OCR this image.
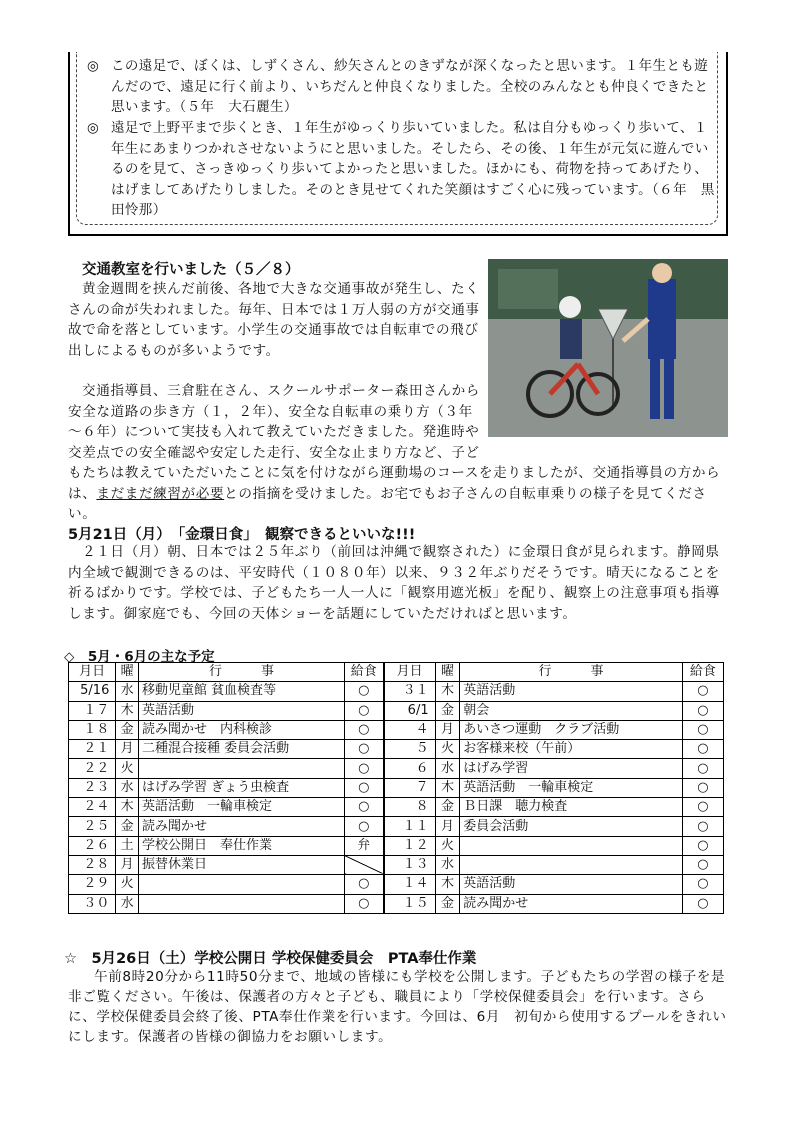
◎ この遠足で、ぼくは、しずくさん、紗矢さんとのきずなが深くなったと思います。１年生とも遊んだので、遠足に行く前より、いちだんと仲良くなりました。全校のみんなとも仲良くできたと思います。（５年　大石麗生）
◎ 遠足で上野平まで歩くとき、１年生がゆっくり歩いていました。私は自分もゆっくり歩いて、１年生にあまりつかれさせないようにと思いました。そしたら、その後、１年生が元気に遊んでいるのを見て、さっきゆっくり歩いてよかったと思いました。ほかにも、荷物を持ってあげたり、はげましてあげたりしました。そのとき見せてくれた笑顔はすごく心に残っています。（６年　黒田怜那）
交通教室を行いました（５／８）
黄金週間を挟んだ前後、各地で大きな交通事故が発生し、たくさんの命が失われました。毎年、日本では１万人弱の方が交通事故で命を落としています。小学生の交通事故では自転車での飛び出しによるものが多いようです。
交通指導員、三倉駐在さん、スクールサポーター森田さんから安全な道路の歩き方（１，２年）、安全な自転車の乗り方（３年～６年）について実技も入れて教えていただきました。発進時や交差点での安全確認や安定した走行、安全な止まり方など、子どもたちは教えていただいたことに気を付けながら運動場のコースを走りましたが、交通指導員の方からは、まだまだ練習が必要との指摘を受けました。お宅でもお子さんの自転車乗りの様子を見てください。
5月21日（月）　「金環日食」　観察できるといいな!!!
２１日（月）朝、日本では２５年ぶり（前回は沖縄で観察された）に金環日食が見られます。静岡県内全域で観測できるのは、平安時代（１０８０年）以来、９３２年ぶりだそうです。晴天になることを祈るばかりです。学校では、子どもたち一人一人に「観察用遮光板」を配り、観察上の注意事項も指導します。御家庭でも、今回の天体ショーを話題にしていただければと思います。
◇　5月・6月の主な予定
月日	曜	行　　　事	給食	月日	曜	行　　　事	給食
5/16	水	移動児童館 貧血検査等	○	３１	木	英語活動	○
１７	木	英語活動	○	6/1	金	朝会	○
１８	金	読み聞かせ　内科検診	○	４	月	あいさつ運動　クラブ活動	○
２１	月	二種混合接種 委員会活動	○	５	火	お客様来校（午前）	○
２２	火		○	６	水	はげみ学習	○
２３	水	はげみ学習 ぎょう虫検査	○	７	木	英語活動　一輪車検定	○
２４	木	英語活動　一輪車検定	○	８	金	Ｂ日課　聴力検査	○
２５	金	読み聞かせ	○	１１	月	委員会活動	○
２６	土	学校公開日　奉仕作業	弁	１２	火		○
２８	月	振替休業日		１３	水		○
２９	火		○	１４	木	英語活動	○
３０	水		○	１５	金	読み聞かせ	○
☆　5月26日（土）学校公開日 学校保健委員会　PTA奉仕作業
午前8時20分から11時50分まで、地域の皆様にも学校を公開します。子どもたちの学習の様子を是非ご覧ください。午後は、保護者の方々と子ども、職員により「学校保健委員会」を行います。さらに、学校保健委員会終了後、PTA奉仕作業を行います。今回は、6月　初旬から使用するプールをきれいにします。保護者の皆様の御協力をお願いします。
